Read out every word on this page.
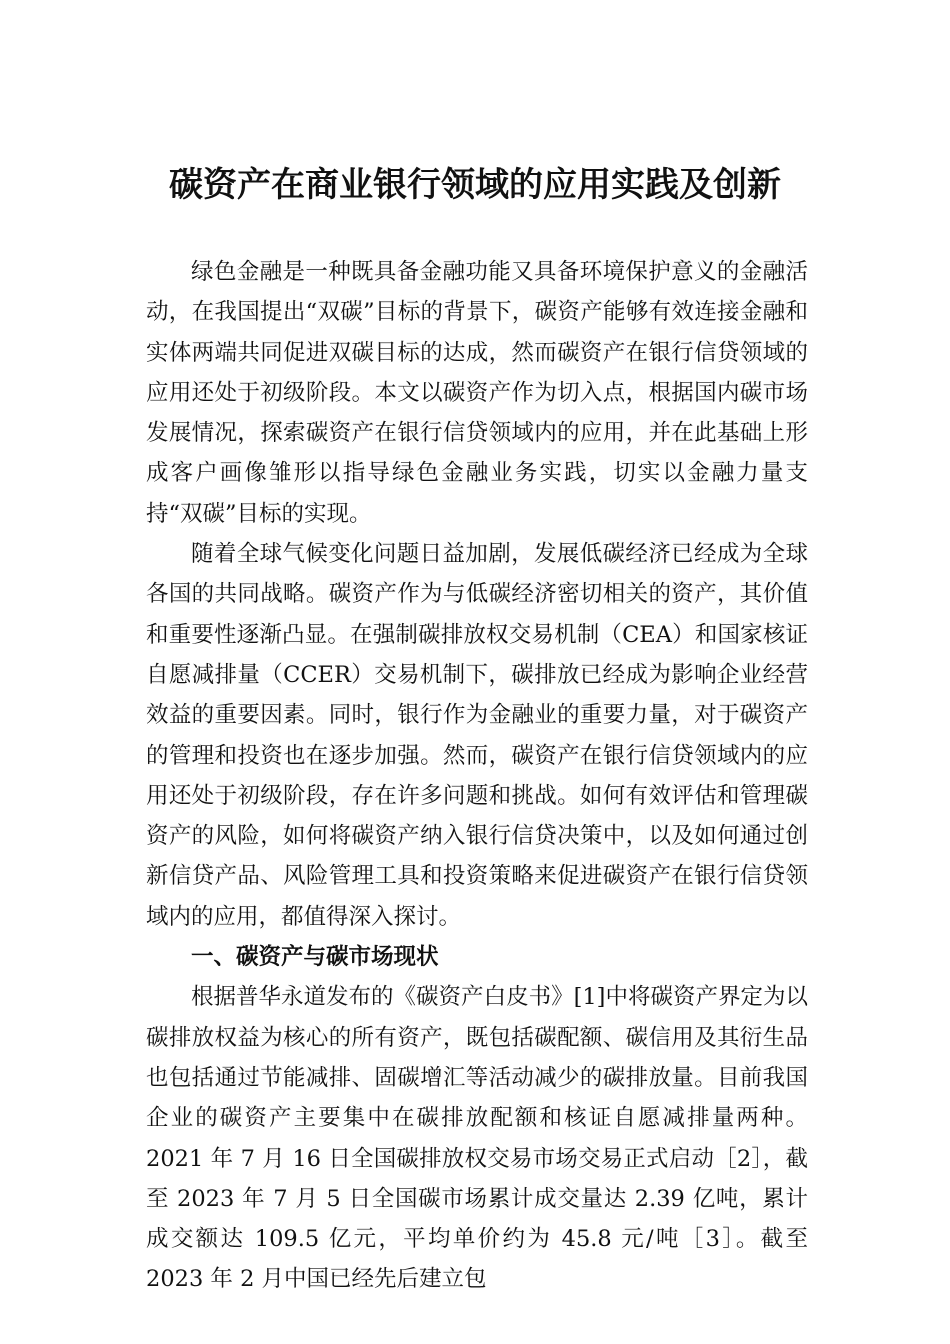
碳资产在商业银行领域的应用实践及创新

绿色金融是一种既具备金融功能又具备环境保护意义的金融活动，在我国提出“双碳”目标的背景下，碳资产能够有效连接金融和实体两端共同促进双碳目标的达成，然而碳资产在银行信贷领域的应用还处于初级阶段。本文以碳资产作为切入点，根据国内碳市场发展情况，探索碳资产在银行信贷领域内的应用，并在此基础上形成客户画像雏形以指导绿色金融业务实践，切实以金融力量支持“双碳”目标的实现。

随着全球气候变化问题日益加剧，发展低碳经济已经成为全球各国的共同战略。碳资产作为与低碳经济密切相关的资产，其价值和重要性逐渐凸显。在强制碳排放权交易机制（CEA）和国家核证自愿减排量（CCER）交易机制下，碳排放已经成为影响企业经营效益的重要因素。同时，银行作为金融业的重要力量，对于碳资产的管理和投资也在逐步加强。然而，碳资产在银行信贷领域内的应用还处于初级阶段，存在许多问题和挑战。如何有效评估和管理碳资产的风险，如何将碳资产纳入银行信贷决策中，以及如何通过创新信贷产品、风险管理工具和投资策略来促进碳资产在银行信贷领域内的应用，都值得深入探讨。

一、碳资产与碳市场现状

根据普华永道发布的《碳资产白皮书》[1]中将碳资产界定为以碳排放权益为核心的所有资产，既包括碳配额、碳信用及其衍生品也包括通过节能减排、固碳增汇等活动减少的碳排放量。目前我国企业的碳资产主要集中在碳排放配额和核证自愿减排量两种。2021 年 7 月 16 日全国碳排放权交易市场交易正式启动［2］，截至 2023 年 7 月 5 日全国碳市场累计成交量达 2.39 亿吨，累计成交额达 109.5 亿元，平均单价约为 45.8 元/吨［3］。截至 2023 年 2 月中国已经先后建立包
